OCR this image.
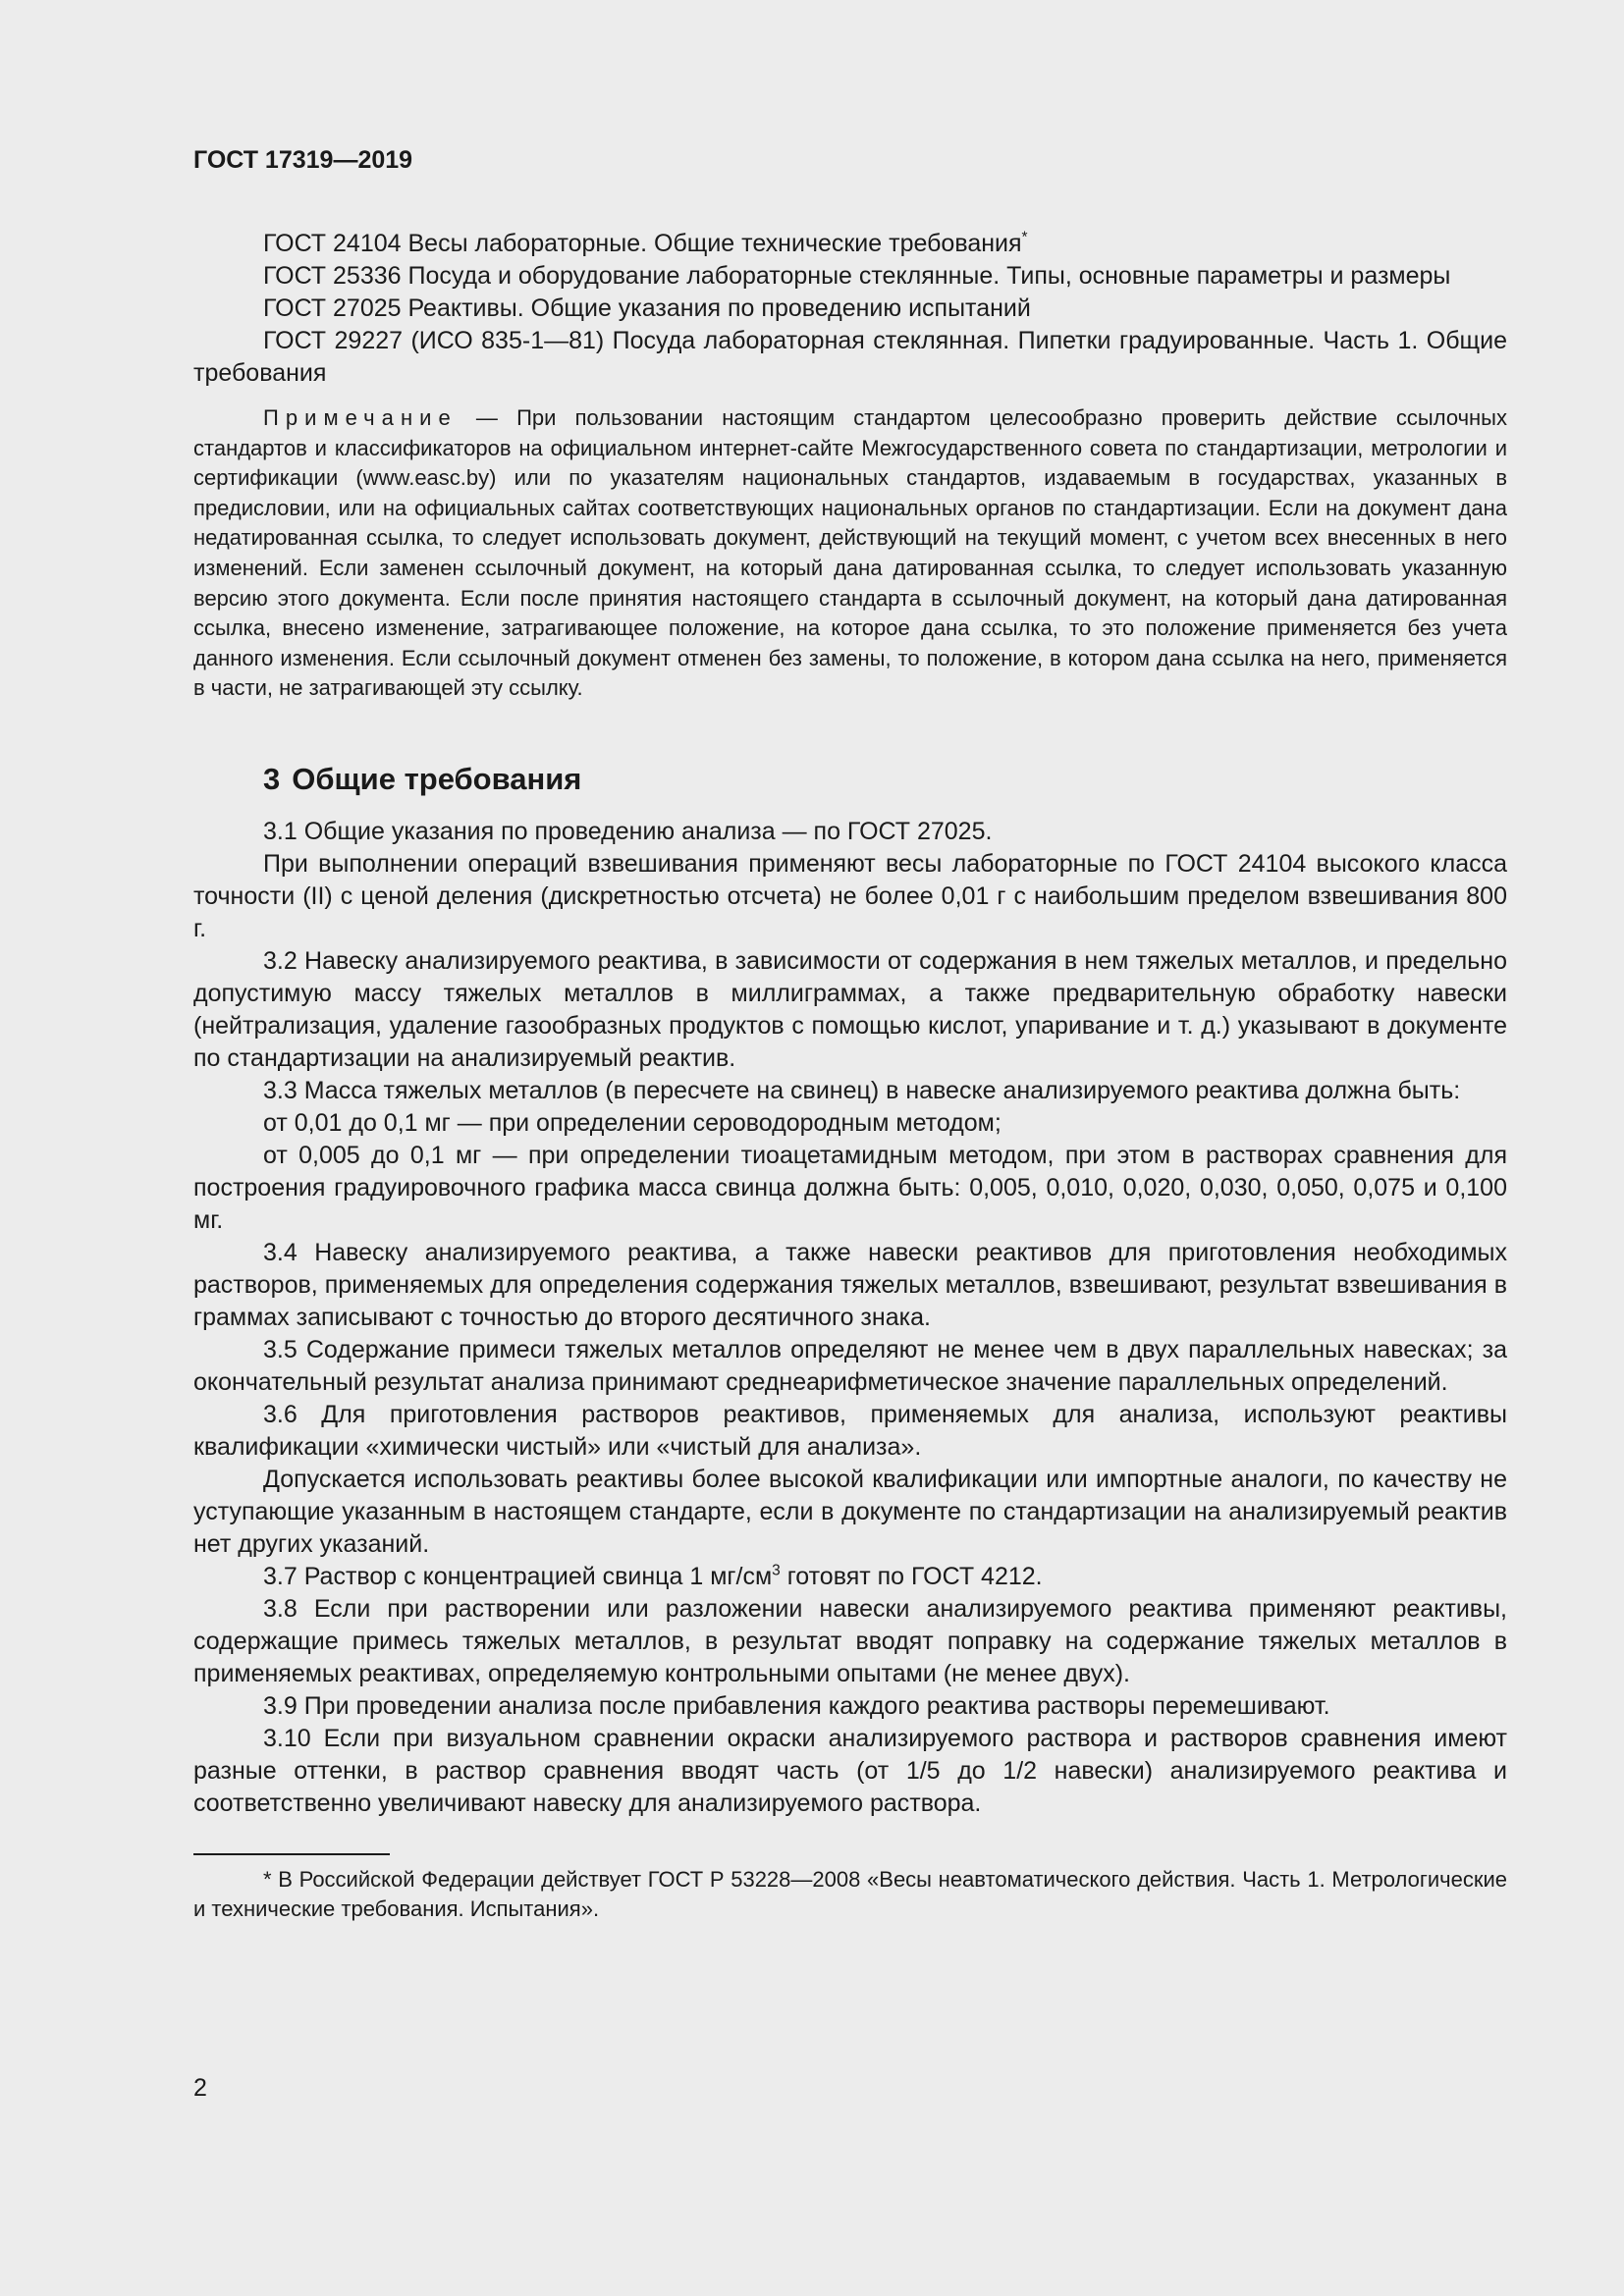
ГОСТ 17319—2019

ГОСТ 24104 Весы лабораторные. Общие технические требования*

ГОСТ 25336 Посуда и оборудование лабораторные стеклянные. Типы, основные параметры и размеры

ГОСТ 27025 Реактивы. Общие указания по проведению испытаний

ГОСТ 29227 (ИСО 835-1—81) Посуда лабораторная стеклянная. Пипетки градуированные. Часть 1. Общие требования

Примечание — При пользовании настоящим стандартом целесообразно проверить действие ссылочных стандартов и классификаторов на официальном интернет-сайте Межгосударственного совета по стандартизации, метрологии и сертификации (www.easc.by) или по указателям национальных стандартов, издаваемым в государствах, указанных в предисловии, или на официальных сайтах соответствующих национальных органов по стандартизации. Если на документ дана недатированная ссылка, то следует использовать документ, действующий на текущий момент, с учетом всех внесенных в него изменений. Если заменен ссылочный документ, на который дана датированная ссылка, то следует использовать указанную версию этого документа. Если после принятия настоящего стандарта в ссылочный документ, на который дана датированная ссылка, внесено изменение, затрагивающее положение, на которое дана ссылка, то это положение применяется без учета данного изменения. Если ссылочный документ отменен без замены, то положение, в котором дана ссылка на него, применяется в части, не затрагивающей эту ссылку.

3 Общие требования

3.1 Общие указания по проведению анализа — по ГОСТ 27025.

При выполнении операций взвешивания применяют весы лабораторные по ГОСТ 24104 высокого класса точности (II) с ценой деления (дискретностью отсчета) не более 0,01 г с наибольшим пределом взвешивания 800 г.

3.2 Навеску анализируемого реактива, в зависимости от содержания в нем тяжелых металлов, и предельно допустимую массу тяжелых металлов в миллиграммах, а также предварительную обработку навески (нейтрализация, удаление газообразных продуктов с помощью кислот, упаривание и т. д.) указывают в документе по стандартизации на анализируемый реактив.

3.3 Масса тяжелых металлов (в пересчете на свинец) в навеске анализируемого реактива должна быть:

от 0,01 до 0,1 мг — при определении сероводородным методом;

от 0,005 до 0,1 мг — при определении тиоацетамидным методом, при этом в растворах сравнения для построения градуировочного графика масса свинца должна быть: 0,005, 0,010, 0,020, 0,030, 0,050, 0,075 и 0,100 мг.

3.4 Навеску анализируемого реактива, а также навески реактивов для приготовления необходимых растворов, применяемых для определения содержания тяжелых металлов, взвешивают, результат взвешивания в граммах записывают с точностью до второго десятичного знака.

3.5 Содержание примеси тяжелых металлов определяют не менее чем в двух параллельных навесках; за окончательный результат анализа принимают среднеарифметическое значение параллельных определений.

3.6 Для приготовления растворов реактивов, применяемых для анализа, используют реактивы квалификации «химически чистый» или «чистый для анализа».

Допускается использовать реактивы более высокой квалификации или импортные аналоги, по качеству не уступающие указанным в настоящем стандарте, если в документе по стандартизации на анализируемый реактив нет других указаний.

3.7 Раствор с концентрацией свинца 1 $мг/см^3$ готовят по ГОСТ 4212.

3.8 Если при растворении или разложении навески анализируемого реактива применяют реактивы, содержащие примесь тяжелых металлов, в результат вводят поправку на содержание тяжелых металлов в применяемых реактивах, определяемую контрольными опытами (не менее двух).

3.9 При проведении анализа после прибавления каждого реактива растворы перемешивают.

3.10 Если при визуальном сравнении окраски анализируемого раствора и растворов сравнения имеют разные оттенки, в раствор сравнения вводят часть (от 1/5 до 1/2 навески) анализируемого реактива и соответственно увеличивают навеску для анализируемого раствора.

* В Российской Федерации действует ГОСТ Р 53228—2008 «Весы неавтоматического действия. Часть 1. Метрологические и технические требования. Испытания».

2
